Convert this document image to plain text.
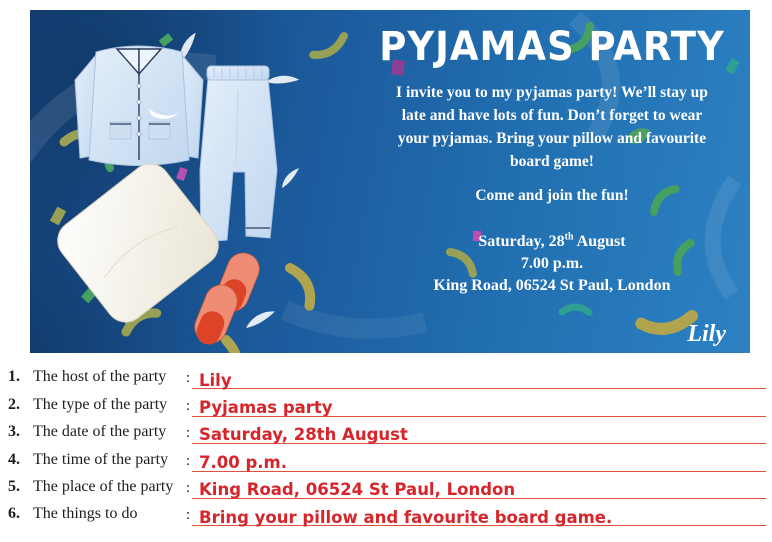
PYJAMAS PARTY
I invite you to my pyjamas party! We’ll stay up
late and have lots of fun. Don’t forget to wear
your pyjamas. Bring your pillow and favourite
board game!
Come and join the fun!
Saturday, 28th August
7.00 p.m.
King Road, 06524 St Paul, London
Lily
1. The host of the party : Lily
2. The type of the party : Pyjamas party
3. The date of the party : Saturday, 28th August
4. The time of the party : 7.00 p.m.
5. The place of the party : King Road, 06524 St Paul, London
6. The things to do	: Bring your pillow and favourite board game.
